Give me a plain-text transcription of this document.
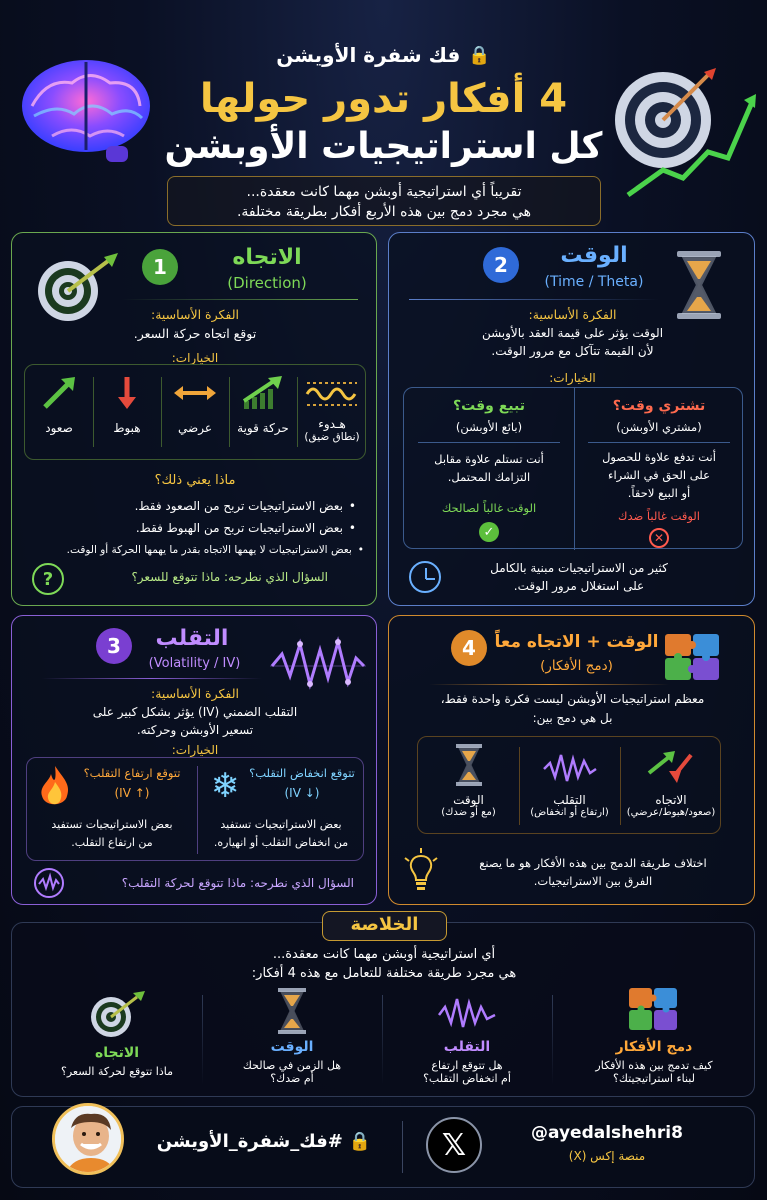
🔒
فك شفرة الأويشن
4 أفكار تدور حولها
كل استراتيجيات الأوبشن
تقريباً أي استراتيجية أوبشن مهما كانت معقدة...
هي مجرد دمج بين هذه الأربع أفكار بطريقة مختلفة.
1	الاتجاه
(Direction)
الفكرة الأساسية:
توقع اتجاه حركة السعر.
الخيارات:
صعود	هبوط	عرضي	حركة قوية	هـدوء
(نطاق ضيق)
ماذا يعني ذلك؟
•
بعض الاستراتيجيات تربح من الصعود فقط.
•
بعض الاستراتيجيات تربح من الهبوط فقط.
•
بعض الاستراتيجيات لا يهمها الاتجاه بقدر ما يهمها الحركة أو الوقت.
?	السؤال الذي نطرحه: ماذا تتوقع للسعر؟
2	الوقت
(Time / Theta)
الفكرة الأساسية:
الوقت يؤثر على قيمة العقد بالأوبشن
لأن القيمة تتآكل مع مرور الوقت.
الخيارات:
تبيع وقت؟
(بائع الأوبشن)
أنت تستلم علاوة مقابل
التزامك المحتمل.
الوقت غالباً لصالحك
✓
تشتري وقت؟
(مشتري الأوبشن)
أنت تدفع علاوة للحصول
على الحق في الشراء
أو البيع لاحقاً.
الوقت غالباً ضدك
✕
كثير من الاستراتيجيات مبنية بالكامل
على استغلال مرور الوقت.
3	التقلب
(Volatility / IV)
الفكرة الأساسية:
التقلب الضمني (IV) يؤثر بشكل كبير على
تسعير الأوبشن وحركته.
الخيارات:
تتوقع ارتفاع التقلب؟
(IV ↑)
بعض الاستراتيجيات تستفيد
من ارتفاع التقلب.
❄ تتوقع انخفاض التقلب؟
(IV ↓)
بعض الاستراتيجيات تستفيد
من انخفاض التقلب أو انهياره.
السؤال الذي نطرحه: ماذا تتوقع لحركة التقلب؟
4	الوقت + الاتجاه معاً
(دمج الأفكار)
معظم استراتيجيات الأوبشن ليست فكرة واحدة فقط،
بل هي دمج بين:
الوقت
(مع أو ضدك)
التقلب
(ارتفاع أو انخفاض)
الاتجاه
(صعود/هبوط/عرضي)
اختلاف طريقة الدمج بين هذه الأفكار هو ما يصنع
الفرق بين الاستراتيجيات.
الخلاصة
أي استراتيجية أوبشن مهما كانت معقدة...
هي مجرد طريقة مختلفة للتعامل مع هذه 4 أفكار:
الاتجاه
ماذا تتوقع لحركة السعر؟
الوقت
هل الزمن في صالحك
أم ضدك؟
التقلب
هل تتوقع ارتفاع
أم انخفاض التقلب؟
دمج الأفكار
كيف تدمج بين هذه الأفكار
لبناء استراتيجيتك؟
🔒
#فك_شفرة_الأويشن	𝕏	@ayedalshehri8
منصة إكس (X)
